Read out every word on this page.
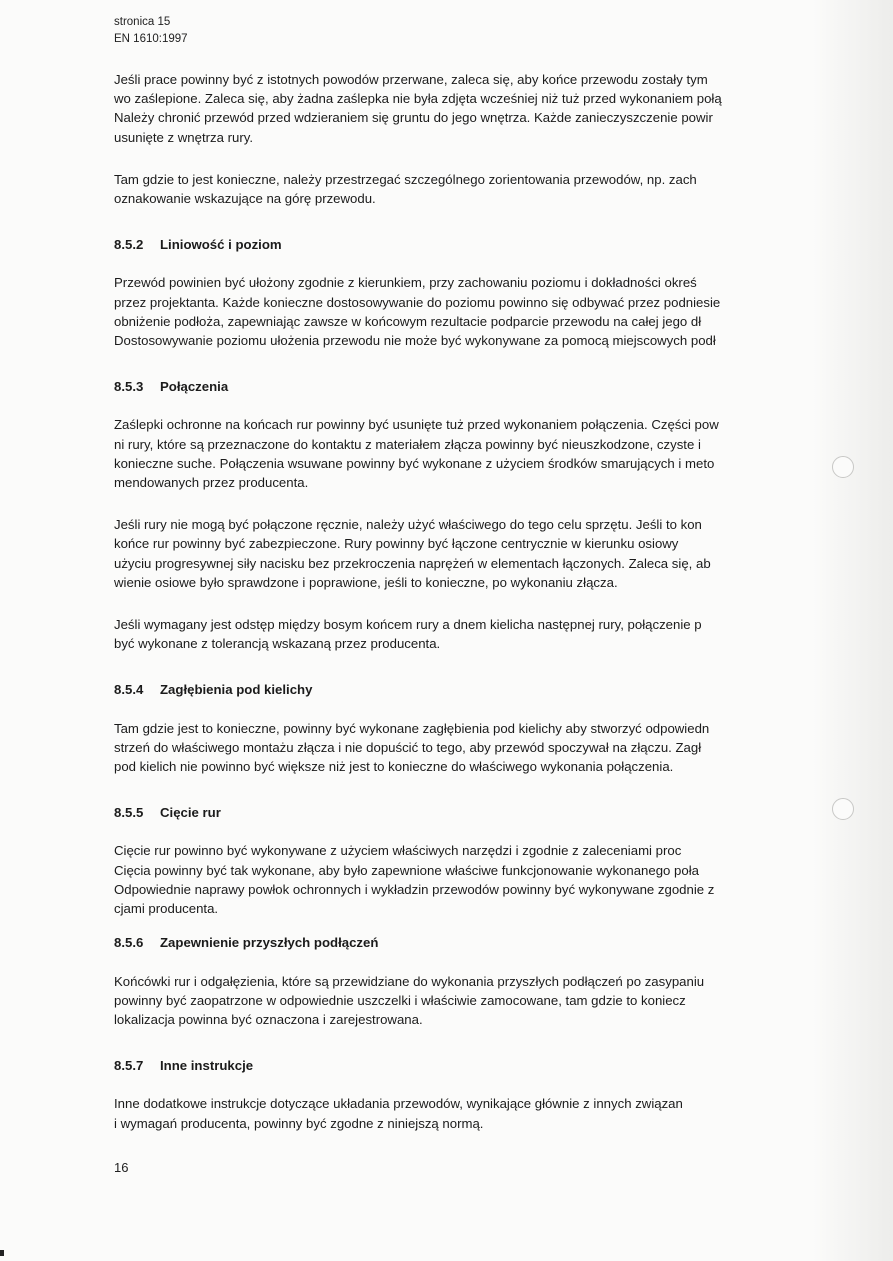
stronica 15
EN 1610:1997
Jeśli prace powinny być z istotnych powodów przerwane, zaleca się, aby końce przewodu zostały tym
wo zaślepione. Zaleca się, aby żadna zaślepka nie była zdjęta wcześniej niż tuż przed wykonaniem połą
Należy chronić przewód przed wdzieraniem się gruntu do jego wnętrza. Każde zanieczyszczenie powir
usunięte z wnętrza rury.
Tam gdzie to jest konieczne, należy przestrzegać szczególnego zorientowania przewodów, np. zach
oznakowanie wskazujące na górę przewodu.
8.5.2 Liniowość i poziom
Przewód powinien być ułożony zgodnie z kierunkiem, przy zachowaniu poziomu i dokładności okreś
przez projektanta. Każde konieczne dostosowywanie do poziomu powinno się odbywać przez podniesie
obniżenie podłoża, zapewniając zawsze w końcowym rezultacie podparcie przewodu na całej jego dł
Dostosowywanie poziomu ułożenia przewodu nie może być wykonywane za pomocą miejscowych podł
8.5.3 Połączenia
Zaślepki ochronne na końcach rur powinny być usunięte tuż przed wykonaniem połączenia. Części pow
ni rury, które są przeznaczone do kontaktu z materiałem złącza powinny być nieuszkodzone, czyste i
konieczne suche. Połączenia wsuwane powinny być wykonane z użyciem środków smarujących i meto
mendowanych przez producenta.
Jeśli rury nie mogą być połączone ręcznie, należy użyć właściwego do tego celu sprzętu. Jeśli to kon
końce rur powinny być zabezpieczone. Rury powinny być łączone centrycznie w kierunku osiowy
użyciu progresywnej siły nacisku bez przekroczenia naprężeń w elementach łączonych. Zaleca się, ab
wienie osiowe było sprawdzone i poprawione, jeśli to konieczne, po wykonaniu złącza.
Jeśli wymagany jest odstęp między bosym końcem rury a dnem kielicha następnej rury, połączenie p
być wykonane z tolerancją wskazaną przez producenta.
8.5.4 Zagłębienia pod kielichy
Tam gdzie jest to konieczne, powinny być wykonane zagłębienia pod kielichy aby stworzyć odpowiedn
strzeń do właściwego montażu złącza i nie dopuścić to tego, aby przewód spoczywał na złączu. Zagł
pod kielich nie powinno być większe niż jest to konieczne do właściwego wykonania połączenia.
8.5.5 Cięcie rur
Cięcie rur powinno być wykonywane z użyciem właściwych narzędzi i zgodnie z zaleceniami proc
Cięcia powinny być tak wykonane, aby było zapewnione właściwe funkcjonowanie wykonanego poła
Odpowiednie naprawy powłok ochronnych i wykładzin przewodów powinny być wykonywane zgodnie z
cjami producenta.
8.5.6 Zapewnienie przyszłych podłączeń
Końcówki rur i odgałęzienia, które są przewidziane do wykonania przyszłych podłączeń po zasypaniu
powinny być zaopatrzone w odpowiednie uszczelki i właściwie zamocowane, tam gdzie to koniecz
lokalizacja powinna być oznaczona i zarejestrowana.
8.5.7 Inne instrukcje
Inne dodatkowe instrukcje dotyczące układania przewodów, wynikające głównie z innych związan
i wymagań producenta, powinny być zgodne z niniejszą normą.
16
